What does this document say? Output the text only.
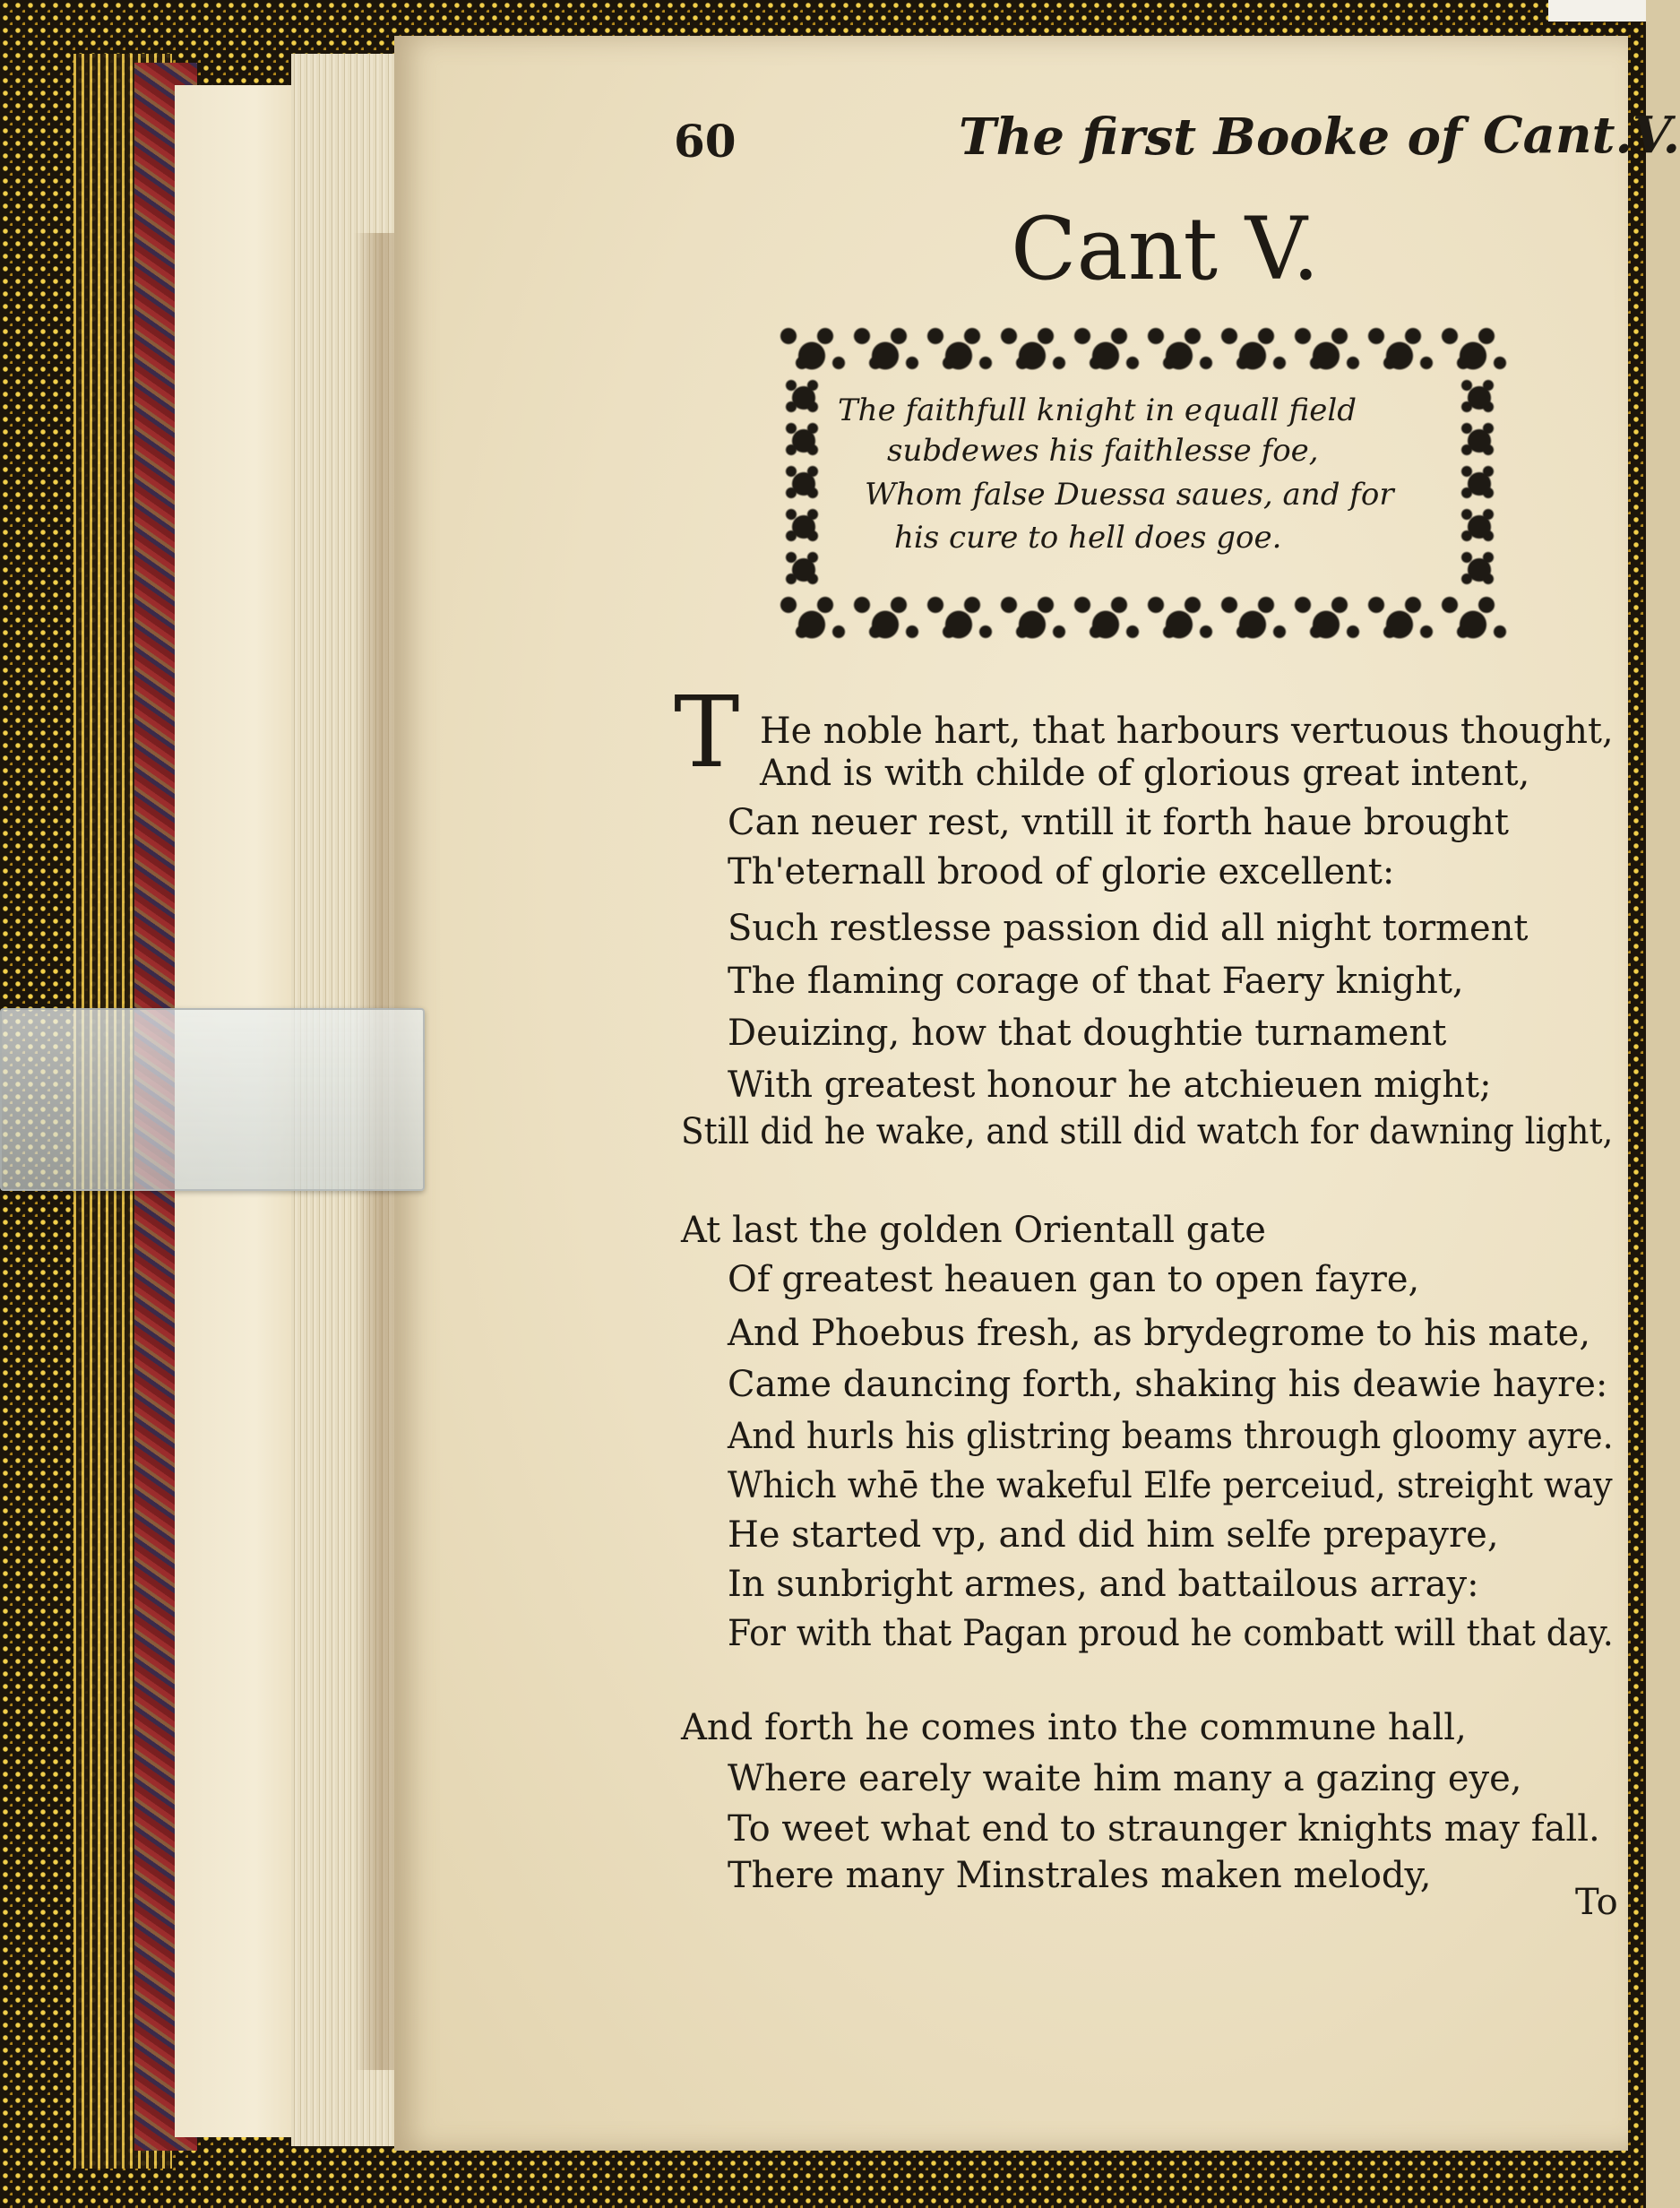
60	The first Booke of Cant.V.
Cant V.
The faithfull knight in equall field
subdewes his faithlesse foe,
Whom false Duessa saues, and for
his cure to hell does goe.
T He noble hart, that harbours vertuous thought,
And is with childe of glorious great intent,
Can neuer rest, vntill it forth haue brought
Th'eternall brood of glorie excellent:
Such restlesse passion did all night torment
The flaming corage of that Faery knight,
Deuizing, how that doughtie turnament
With greatest honour he atchieuen might;
Still did he wake, and still did watch for dawning light,
At last the golden Orientall gate
Of greatest heauen gan to open fayre,
And Phoebus fresh, as brydegrome to his mate,
Came dauncing forth, shaking his deawie hayre:
And hurls his glistring beams through gloomy ayre.
Which whē the wakeful Elfe perceiud, streight way
He started vp, and did him selfe prepayre,
In sunbright armes, and battailous array:
For with that Pagan proud he combatt will that day.
And forth he comes into the commune hall,
Where earely waite him many a gazing eye,
To weet what end to straunger knights may fall.
There many Minstrales maken melody,
To
